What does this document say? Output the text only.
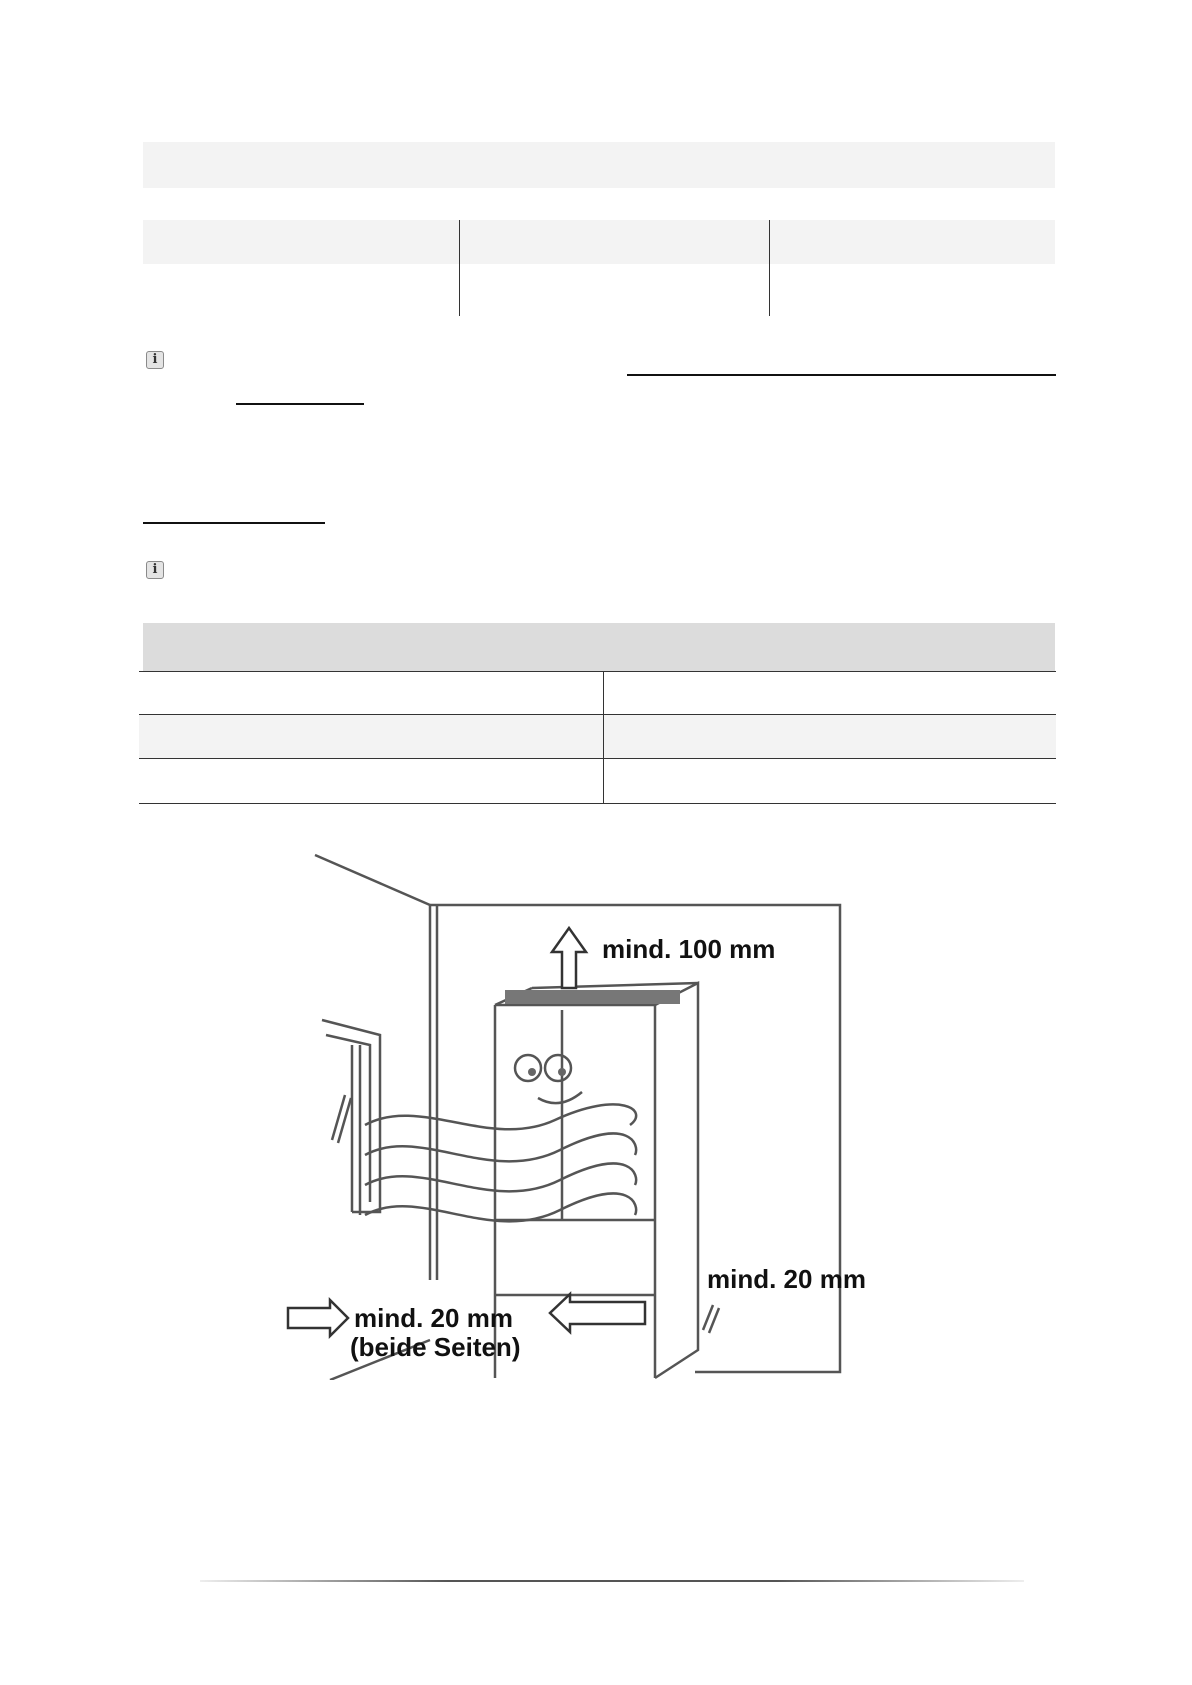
i
i
mind. 100 mm
mind. 20 mm
mind. 20 mm
(beide Seiten)
